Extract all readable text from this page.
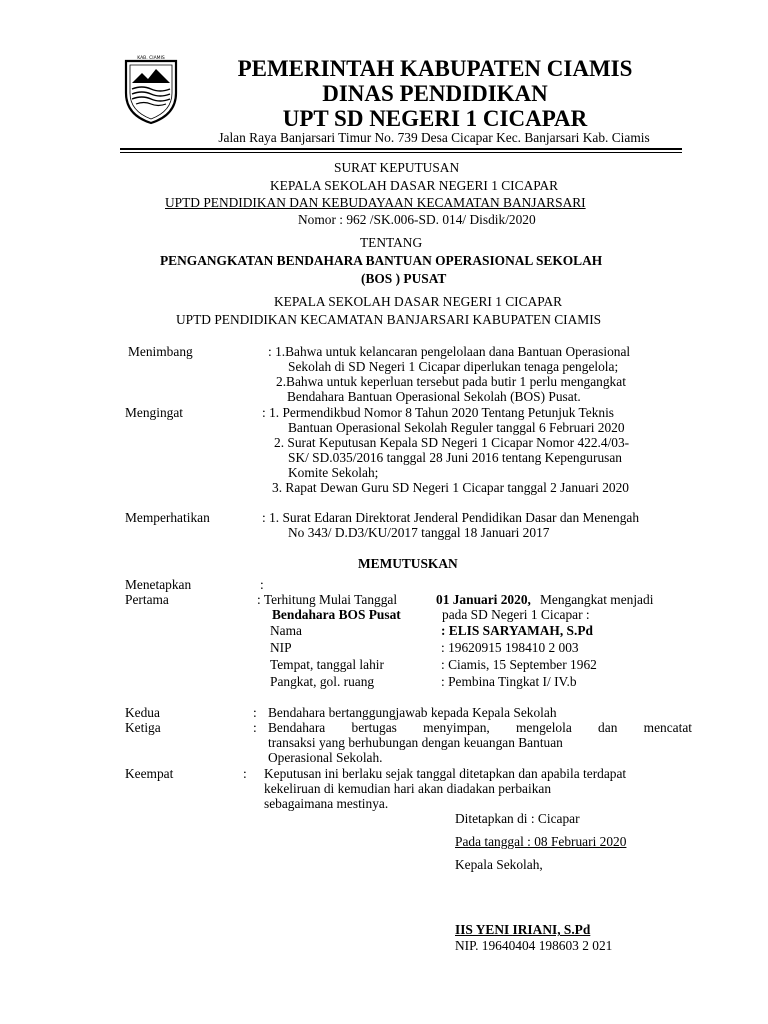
KAB. CIAMIS	PEMERINTAH KABUPATEN CIAMIS
DINAS PENDIDIKAN
UPT SD NEGERI 1 CICAPAR
Jalan Raya Banjarsari Timur No. 739 Desa Cicapar Kec. Banjarsari Kab. Ciamis
SURAT KEPUTUSAN
KEPALA SEKOLAH DASAR NEGERI 1 CICAPAR
UPTD PENDIDIKAN DAN KEBUDAYAAN KECAMATAN BANJARSARI
Nomor : 962 /SK.006-SD. 014/ Disdik/2020
TENTANG
PENGANGKATAN BENDAHARA BANTUAN OPERASIONAL SEKOLAH
(BOS ) PUSAT
KEPALA SEKOLAH DASAR NEGERI 1 CICAPAR
UPTD PENDIDIKAN KECAMATAN BANJARSARI KABUPATEN CIAMIS
Menimbang	: 1.Bahwa untuk kelancaran pengelolaan dana Bantuan Operasional
Sekolah di SD Negeri 1 Cicapar diperlukan tenaga pengelola;
2.Bahwa untuk keperluan tersebut pada butir 1 perlu mengangkat
Bendahara Bantuan Operasional Sekolah (BOS) Pusat.
Mengingat	: 1. Permendikbud Nomor 8 Tahun 2020 Tentang Petunjuk Teknis
Bantuan Operasional Sekolah Reguler tanggal 6 Februari 2020
2. Surat Keputusan Kepala SD Negeri 1 Cicapar Nomor 422.4/03-
SK/ SD.035/2016 tanggal 28 Juni 2016 tentang Kepengurusan
Komite Sekolah;
3. Rapat Dewan Guru SD Negeri 1 Cicapar tanggal 2 Januari 2020
Memperhatikan	: 1. Surat Edaran Direktorat Jenderal Pendidikan Dasar dan Menengah
No 343/ D.D3/KU/2017 tanggal 18 Januari 2017
MEMUTUSKAN
Menetapkan	:
Pertama	: Terhitung Mulai Tanggal	01 Januari 2020, Mengangkat menjadi
Bendahara BOS Pusat	pada SD Negeri 1 Cicapar :
Nama	: ELIS SARYAMAH, S.Pd
NIP	: 19620915 198410 2 003
Tempat, tanggal lahir	: Ciamis, 15 September 1962
Pangkat, gol. ruang	: Pembina Tingkat I/ IV.b
Kedua	: Bendahara bertanggungjawab kepada Kepala Sekolah
Ketiga	: Bendahara bertugas menyimpan, mengelola dan mencatat
transaksi yang berhubungan dengan keuangan Bantuan
Operasional Sekolah.
Keempat	: Keputusan ini berlaku sejak tanggal ditetapkan dan apabila terdapat
kekeliruan di kemudian hari akan diadakan perbaikan
sebagaimana mestinya.
Ditetapkan di : Cicapar
Pada tanggal : 08 Februari 2020
Kepala Sekolah,
IIS YENI IRIANI, S.Pd
NIP. 19640404 198603 2 021
